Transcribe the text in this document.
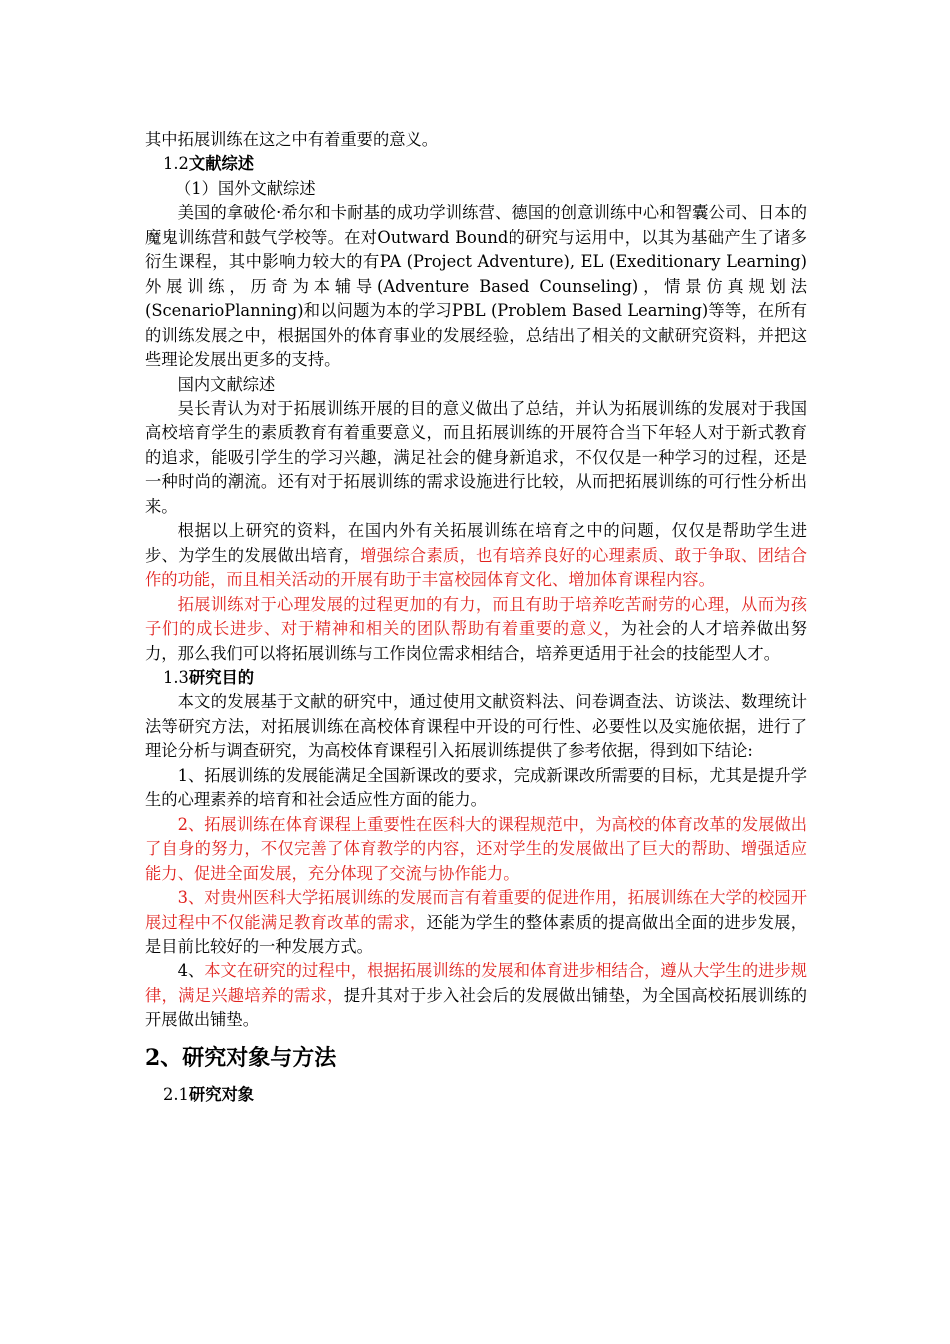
其中拓展训练在这之中有着重要的意义。

1.2文献综述

（1）国外文献综述

美国的拿破伦·希尔和卡耐基的成功学训练营、德国的创意训练中心和智囊公司、日本的魔鬼训练营和鼓气学校等。在对Outward Bound的研究与运用中，以其为基础产生了诸多衍生课程，其中影响力较大的有PA (Project Adventure), EL (Exeditionary Learning)外展训练，历奇为本辅导(Adventure Based Counseling)，情景仿真规划法(ScenarioPlanning)和以问题为本的学习PBL (Problem Based Learning)等等，在所有的训练发展之中，根据国外的体育事业的发展经验，总结出了相关的文献研究资料，并把这些理论发展出更多的支持。

国内文献综述

吴长青认为对于拓展训练开展的目的意义做出了总结，并认为拓展训练的发展对于我国高校培育学生的素质教育有着重要意义，而且拓展训练的开展符合当下年轻人对于新式教育的追求，能吸引学生的学习兴趣，满足社会的健身新追求，不仅仅是一种学习的过程，还是一种时尚的潮流。还有对于拓展训练的需求设施进行比较，从而把拓展训练的可行性分析出来。

根据以上研究的资料，在国内外有关拓展训练在培育之中的问题，仅仅是帮助学生进步、为学生的发展做出培育，增强综合素质，也有培养良好的心理素质、敢于争取、团结合作的功能，而且相关活动的开展有助于丰富校园体育文化、增加体育课程内容。

拓展训练对于心理发展的过程更加的有力，而且有助于培养吃苦耐劳的心理，从而为孩子们的成长进步、对于精神和相关的团队帮助有着重要的意义，为社会的人才培养做出努力，那么我们可以将拓展训练与工作岗位需求相结合，培养更适用于社会的技能型人才。

1.3研究目的

本文的发展基于文献的研究中，通过使用文献资料法、问卷调查法、访谈法、数理统计法等研究方法，对拓展训练在高校体育课程中开设的可行性、必要性以及实施依据，进行了理论分析与调查研究，为高校体育课程引入拓展训练提供了参考依据，得到如下结论:

1、拓展训练的发展能满足全国新课改的要求，完成新课改所需要的目标，尤其是提升学生的心理素养的培育和社会适应性方面的能力。

2、拓展训练在体育课程上重要性在医科大的课程规范中，为高校的体育改革的发展做出了自身的努力，不仅完善了体育教学的内容，还对学生的发展做出了巨大的帮助、增强适应能力、促进全面发展，充分体现了交流与协作能力。

3、对贵州医科大学拓展训练的发展而言有着重要的促进作用，拓展训练在大学的校园开展过程中不仅能满足教育改革的需求，还能为学生的整体素质的提高做出全面的进步发展，是目前比较好的一种发展方式。

4、本文在研究的过程中，根据拓展训练的发展和体育进步相结合，遵从大学生的进步规律，满足兴趣培养的需求，提升其对于步入社会后的发展做出铺垫，为全国高校拓展训练的开展做出铺垫。

2、研究对象与方法

2.1研究对象
